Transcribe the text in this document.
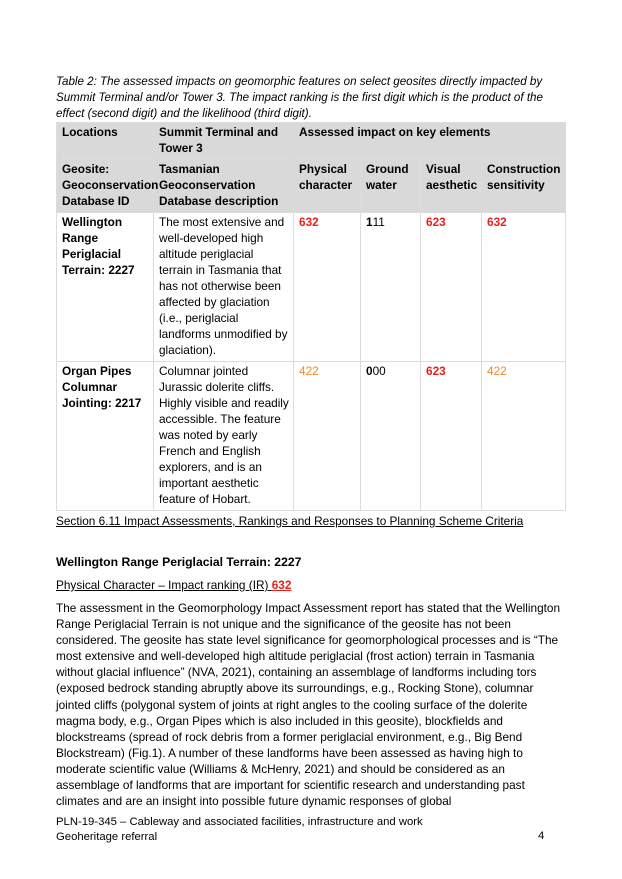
Table 2: The assessed impacts on geomorphic features on select geosites directly impacted by Summit Terminal and/or Tower 3. The impact ranking is the first digit which is the product of the effect (second digit) and the likelihood (third digit).
Locations	Summit Terminal and Tower 3	Assessed impact on key elements			
Geosite: Geoconservation Database ID	Tasmanian Geoconservation Database description	Physical character	Ground water	Visual aesthetic	Construction sensitivity
Wellington Range Periglacial Terrain: 2227	The most extensive and well-developed high altitude periglacial terrain in Tasmania that has not otherwise been affected by glaciation (i.e., periglacial landforms unmodified by glaciation).	632	111	623	632
Organ Pipes Columnar Jointing: 2217	Columnar jointed Jurassic dolerite cliffs. Highly visible and readily accessible. The feature was noted by early French and English explorers, and is an important aesthetic feature of Hobart.	422	000	623	422
Section 6.11 Impact Assessments, Rankings and Responses to Planning Scheme Criteria
Wellington Range Periglacial Terrain: 2227
Physical Character – Impact ranking (IR) 632
The assessment in the Geomorphology Impact Assessment report has stated that the Wellington Range Periglacial Terrain is not unique and the significance of the geosite has not been considered. The geosite has state level significance for geomorphological processes and is “The most extensive and well-developed high altitude periglacial (frost action) terrain in Tasmania without glacial influence” (NVA, 2021), containing an assemblage of landforms including tors (exposed bedrock standing abruptly above its surroundings, e.g., Rocking Stone), columnar jointed cliffs (polygonal system of joints at right angles to the cooling surface of the dolerite magma body, e.g., Organ Pipes which is also included in this geosite), blockfields and blockstreams (spread of rock debris from a former periglacial environment, e.g., Big Bend Blockstream) (Fig.1). A number of these landforms have been assessed as having high to moderate scientific value (Williams & McHenry, 2021) and should be considered as an assemblage of landforms that are important for scientific research and understanding past climates and are an insight into possible future dynamic responses of global
PLN-19-345 – Cableway and associated facilities, infrastructure and work
Geoheritage referral	4
